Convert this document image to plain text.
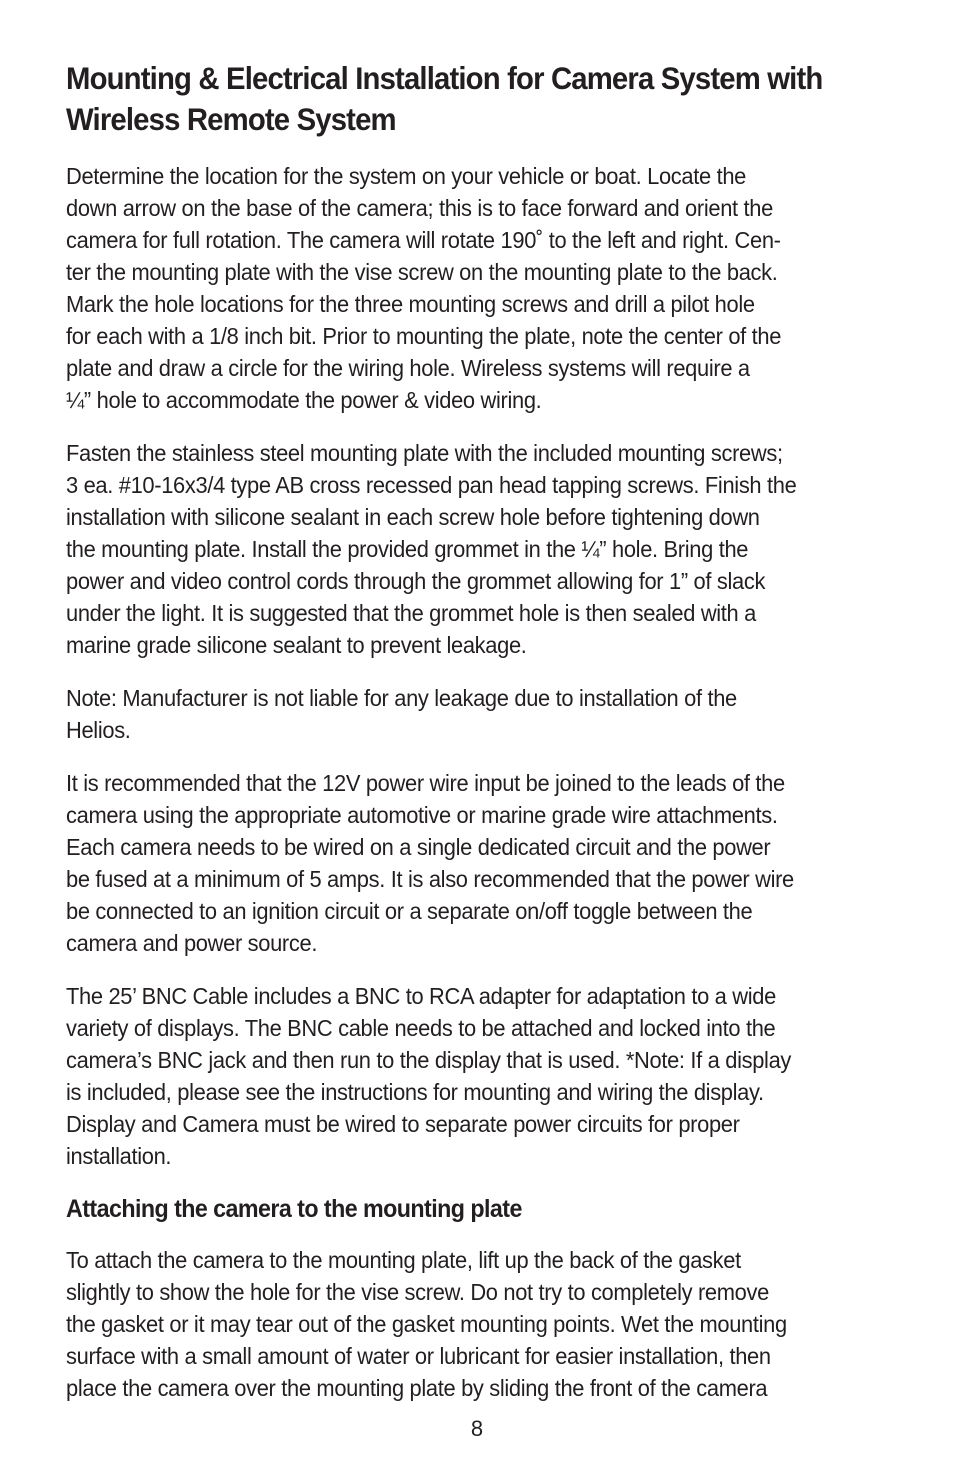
Mounting & Electrical Installation for Camera System with
Wireless Remote System

Determine the location for the system on your vehicle or boat. Locate the
down arrow on the base of the camera; this is to face forward and orient the
camera for full rotation. The camera will rotate 190˚ to the left and right. Cen-
ter the mounting plate with the vise screw on the mounting plate to the back.
Mark the hole locations for the three mounting screws and drill a pilot hole
for each with a 1/8 inch bit. Prior to mounting the plate, note the center of the
plate and draw a circle for the wiring hole. Wireless systems will require a
¼” hole to accommodate the power & video wiring.

Fasten the stainless steel mounting plate with the included mounting screws;
3 ea. #10-16x3/4 type AB cross recessed pan head tapping screws. Finish the
installation with silicone sealant in each screw hole before tightening down
the mounting plate. Install the provided grommet in the ¼” hole. Bring the
power and video control cords through the grommet allowing for 1” of slack
under the light. It is suggested that the grommet hole is then sealed with a
marine grade silicone sealant to prevent leakage.

Note: Manufacturer is not liable for any leakage due to installation of the
Helios.

It is recommended that the 12V power wire input be joined to the leads of the
camera using the appropriate automotive or marine grade wire attachments.
Each camera needs to be wired on a single dedicated circuit and the power
be fused at a minimum of 5 amps. It is also recommended that the power wire
be connected to an ignition circuit or a separate on/off toggle between the
camera and power source.

The 25’ BNC Cable includes a BNC to RCA adapter for adaptation to a wide
variety of displays. The BNC cable needs to be attached and locked into the
camera’s BNC jack and then run to the display that is used. *Note: If a display
is included, please see the instructions for mounting and wiring the display.
Display and Camera must be wired to separate power circuits for proper
installation.

Attaching the camera to the mounting plate

To attach the camera to the mounting plate, lift up the back of the gasket
slightly to show the hole for the vise screw. Do not try to completely remove
the gasket or it may tear out of the gasket mounting points. Wet the mounting
surface with a small amount of water or lubricant for easier installation, then
place the camera over the mounting plate by sliding the front of the camera

8
